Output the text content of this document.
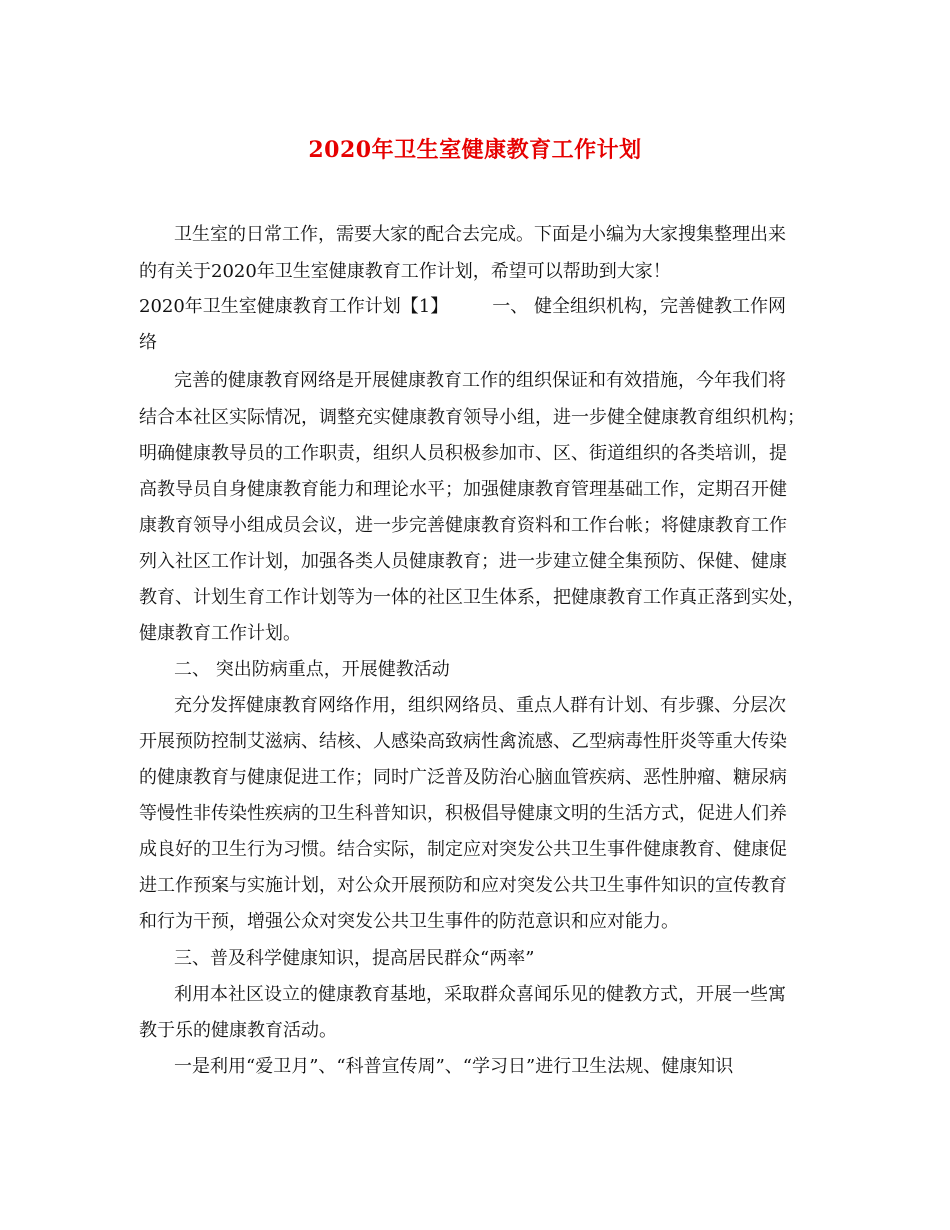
2020年卫生室健康教育工作计划
卫生室的日常工作，需要大家的配合去完成。下面是小编为大家搜集整理出来
的有关于2020年卫生室健康教育工作计划，希望可以帮助到大家！
2020年卫生室健康教育工作计划【1】 一、 健全组织机构，完善健教工作网
络
完善的健康教育网络是开展健康教育工作的组织保证和有效措施，今年我们将
结合本社区实际情况，调整充实健康教育领导小组，进一步健全健康教育组织机构；
明确健康教导员的工作职责，组织人员积极参加市、区、街道组织的各类培训，提
高教导员自身健康教育能力和理论水平；加强健康教育管理基础工作，定期召开健
康教育领导小组成员会议，进一步完善健康教育资料和工作台帐；将健康教育工作
列入社区工作计划，加强各类人员健康教育；进一步建立健全集预防、保健、健康
教育、计划生育工作计划等为一体的社区卫生体系，把健康教育工作真正落到实处，
健康教育工作计划。
二、 突出防病重点，开展健教活动
充分发挥健康教育网络作用，组织网络员、重点人群有计划、有步骤、分层次
开展预防控制艾滋病、结核、人感染高致病性禽流感、乙型病毒性肝炎等重大传染
的健康教育与健康促进工作；同时广泛普及防治心脑血管疾病、恶性肿瘤、糖尿病
等慢性非传染性疾病的卫生科普知识，积极倡导健康文明的生活方式，促进人们养
成良好的卫生行为习惯。结合实际，制定应对突发公共卫生事件健康教育、健康促
进工作预案与实施计划，对公众开展预防和应对突发公共卫生事件知识的宣传教育
和行为干预，增强公众对突发公共卫生事件的防范意识和应对能力。
三、普及科学健康知识，提高居民群众“两率”
利用本社区设立的健康教育基地，采取群众喜闻乐见的健教方式，开展一些寓
教于乐的健康教育活动。
一是利用“爱卫月”、“科普宣传周”、“学习日”进行卫生法规、健康知识
